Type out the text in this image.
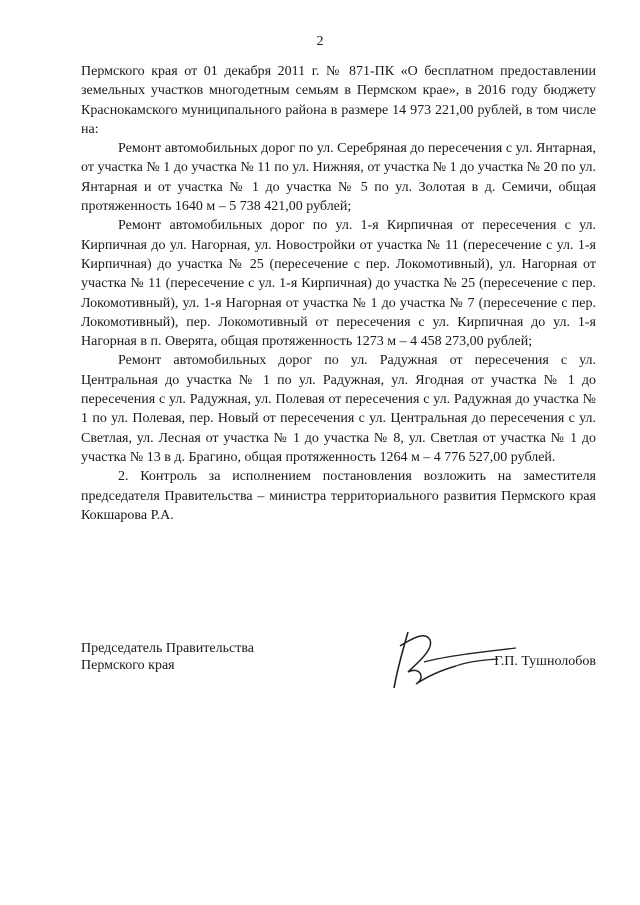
2

Пермского края от 01 декабря 2011 г. № 871-ПК «О бесплатном предоставлении земельных участков многодетным семьям в Пермском крае», в 2016 году бюджету Краснокамского муниципального района в размере 14 973 221,00 рублей, в том числе на:

Ремонт автомобильных дорог по ул. Серебряная до пересечения с ул. Янтарная, от участка № 1 до участка № 11 по ул. Нижняя, от участка № 1 до участка № 20 по ул. Янтарная и от участка № 1 до участка № 5 по ул. Золотая в д. Семичи, общая протяженность 1640 м – 5 738 421,00 рублей;

Ремонт автомобильных дорог по ул. 1-я Кирпичная от пересечения с ул. Кирпичная до ул. Нагорная, ул. Новостройки от участка № 11 (пересечение с ул. 1-я Кирпичная) до участка № 25 (пересечение с пер. Локомотивный), ул. Нагорная от участка № 11 (пересечение с ул. 1-я Кирпичная) до участка № 25 (пересечение с пер. Локомотивный), ул. 1-я Нагорная от участка № 1 до участка № 7 (пересечение с пер. Локомотивный), пер. Локомотивный от пересечения с ул. Кирпичная до ул. 1-я Нагорная в п. Оверята, общая протяженность 1273 м – 4 458 273,00 рублей;

Ремонт автомобильных дорог по ул. Радужная от пересечения с ул. Центральная до участка № 1 по ул. Радужная, ул. Ягодная от участка № 1 до пересечения с ул. Радужная, ул. Полевая от пересечения с ул. Радужная до участка № 1 по ул. Полевая, пер. Новый от пересечения с ул. Центральная до пересечения с ул. Светлая, ул. Лесная от участка № 1 до участка № 8, ул. Светлая от участка № 1 до участка № 13 в д. Брагино, общая протяженность 1264 м – 4 776 527,00 рублей.

2. Контроль за исполнением постановления возложить на заместителя председателя Правительства – министра территориального развития Пермского края Кокшарова Р.А.

Председатель Правительства
Пермского края	Г.П. Тушнолобов
